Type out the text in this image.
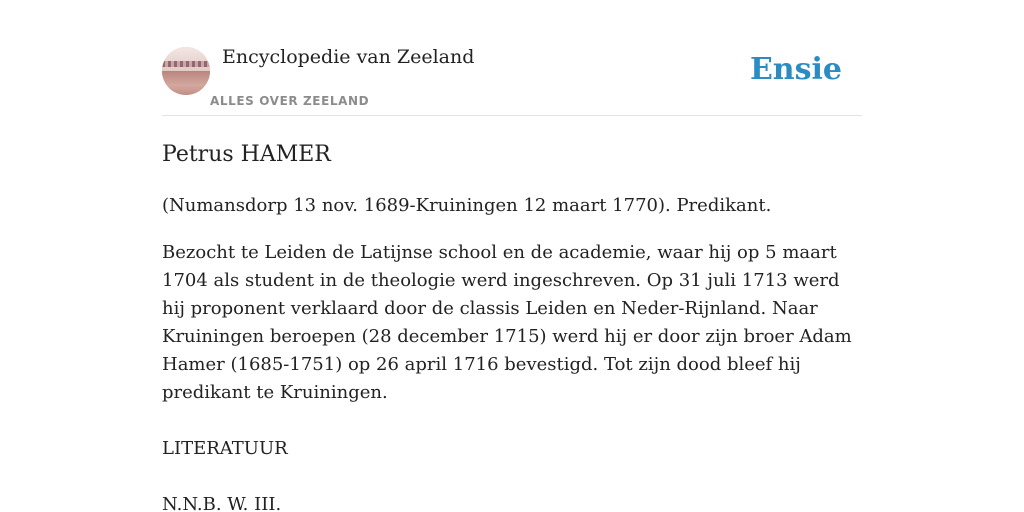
Encyclopedie van Zeeland
ALLES OVER ZEELAND
Ensie
Petrus HAMER

(Numansdorp 13 nov. 1689-Kruiningen 12 maart 1770). Predikant.

Bezocht te Leiden de Latijnse school en de academie, waar hij op 5 maart 1704 als student in de theologie werd ingeschreven. Op 31 juli 1713 werd hij proponent verklaard door de classis Leiden en Neder-Rijnland. Naar Kruiningen beroepen (28 december 1715) werd hij er door zijn broer Adam Hamer (1685-1751) op 26 april 1716 bevestigd. Tot zijn dood bleef hij predikant te Kruiningen.

LITERATUUR

N.N.B. W. III.
